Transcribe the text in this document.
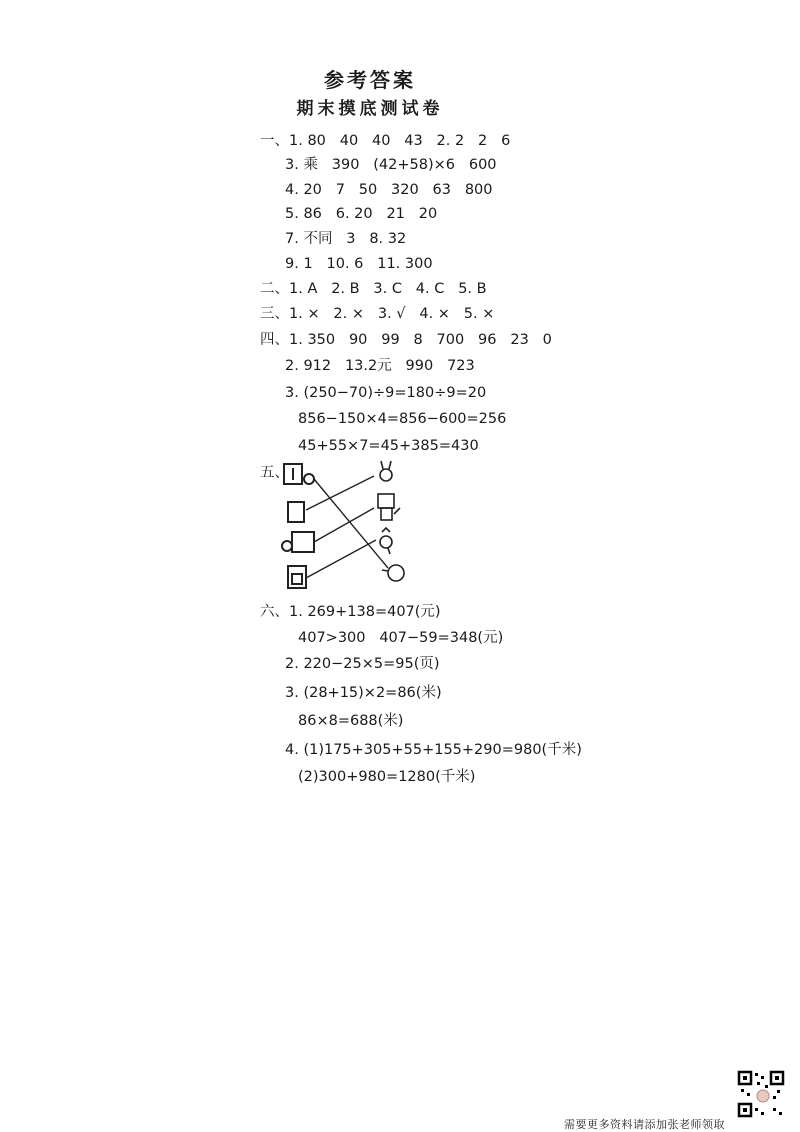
参考答案
期末摸底测试卷
一、1. 80   40   40   43   2. 2   2   6
3. 乘   390   (42+58)×6   600
4. 20   7   50   320   63   800
5. 86   6. 20   21   20
7. 不同   3   8. 32
9. 1   10. 6   11. 300
二、1. A   2. B   3. C   4. C   5. B
三、1. ×   2. ×   3. √   4. ×   5. ×
四、1. 350   90   99   8   700   96   23   0
2. 912   13.2元   990   723
3. (250−70)÷9=180÷9=20
856−150×4=856−600=256
45+55×7=45+385=430
五、
六、1. 269+138=407(元)
407>300   407−59=348(元)
2. 220−25×5=95(页)
3. (28+15)×2=86(米)
86×8=688(米)
4. (1)175+305+55+155+290=980(千米)
(2)300+980=1280(千米)
需要更多资料请添加张老师领取
